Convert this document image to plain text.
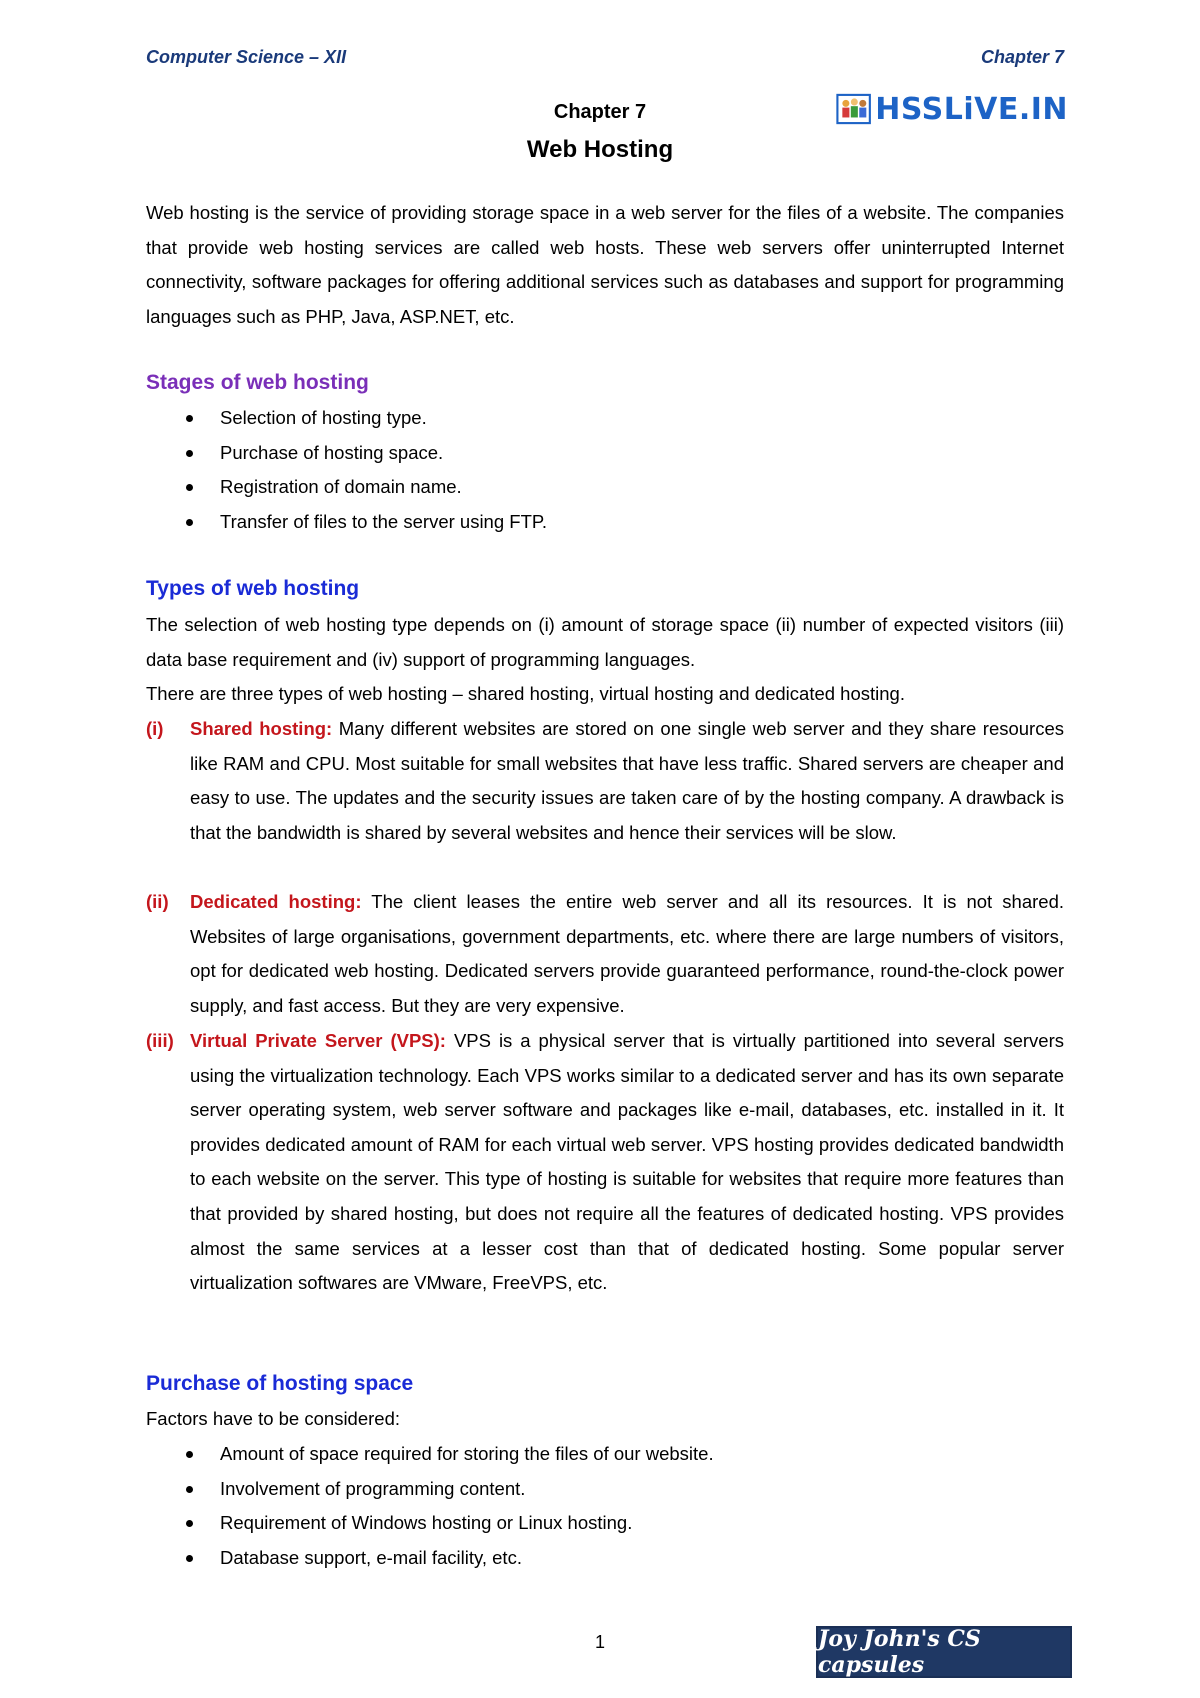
Computer Science – XII	Chapter 7
HSSLiVE.IN
Chapter 7
Web Hosting
Web hosting is the service of providing storage space in a web server for the files of a website. The companies that provide web hosting services are called web hosts. These web servers offer uninterrupted Internet connectivity, software packages for offering additional services such as databases and support for programming languages such as PHP, Java, ASP.NET, etc.
Stages of web hosting
Selection of hosting type.
Purchase of hosting space.
Registration of domain name.
Transfer of files to the server using FTP.
Types of web hosting
The selection of web hosting type depends on (i) amount of storage space (ii) number of expected visitors (iii) data base requirement and (iv) support of programming languages.
There are three types of web hosting – shared hosting, virtual hosting and dedicated hosting.
(i) Shared hosting: Many different websites are stored on one single web server and they share resources like RAM and CPU. Most suitable for small websites that have less traffic. Shared servers are cheaper and easy to use. The updates and the security issues are taken care of by the hosting company. A drawback is that the bandwidth is shared by several websites and hence their services will be slow.
(ii) Dedicated hosting: The client leases the entire web server and all its resources. It is not shared. Websites of large organisations, government departments, etc. where there are large numbers of visitors, opt for dedicated web hosting. Dedicated servers provide guaranteed performance, round-the-clock power supply, and fast access. But they are very expensive.
(iii) Virtual Private Server (VPS): VPS is a physical server that is virtually partitioned into several servers using the virtualization technology. Each VPS works similar to a dedicated server and has its own separate server operating system, web server software and packages like e-mail, databases, etc. installed in it. It provides dedicated amount of RAM for each virtual web server. VPS hosting provides dedicated bandwidth to each website on the server. This type of hosting is suitable for websites that require more features than that provided by shared hosting, but does not require all the features of dedicated hosting. VPS provides almost the same services at a lesser cost than that of dedicated hosting. Some popular server virtualization softwares are VMware, FreeVPS, etc.
Purchase of hosting space
Factors have to be considered:
Amount of space required for storing the files of our website.
Involvement of programming content.
Requirement of Windows hosting or Linux hosting.
Database support, e-mail facility, etc.
1	Joy John's CS capsules
